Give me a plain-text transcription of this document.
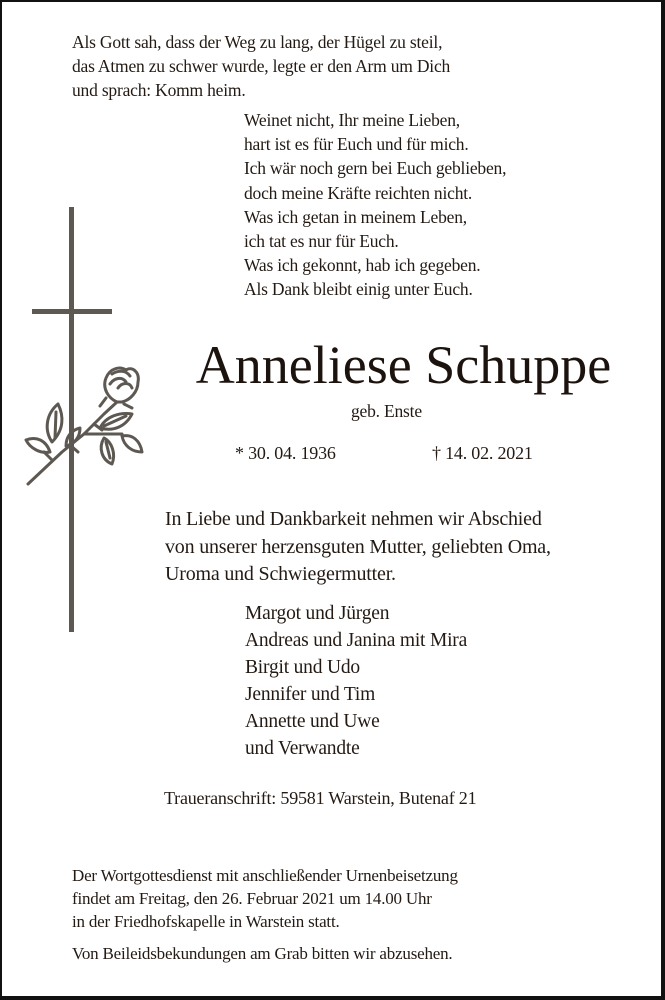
Als Gott sah, dass der Weg zu lang, der Hügel zu steil,
das Atmen zu schwer wurde, legte er den Arm um Dich
und sprach: Komm heim.
Weinet nicht, Ihr meine Lieben,
hart ist es für Euch und für mich.
Ich wär noch gern bei Euch geblieben,
doch meine Kräfte reichten nicht.
Was ich getan in meinem Leben,
ich tat es nur für Euch.
Was ich gekonnt, hab ich gegeben.
Als Dank bleibt einig unter Euch.
Anneliese Schuppe
geb. Enste
* 30. 04. 1936	† 14. 02. 2021
In Liebe und Dankbarkeit nehmen wir Abschied
von unserer herzensguten Mutter, geliebten Oma,
Uroma und Schwiegermutter.
Margot und Jürgen
Andreas und Janina mit Mira
Birgit und Udo
Jennifer und Tim
Annette und Uwe
und Verwandte
Traueranschrift: 59581 Warstein, Butenaf 21
Der Wortgottesdienst mit anschließender Urnenbeisetzung
findet am Freitag, den 26. Februar 2021 um 14.00 Uhr
in der Friedhofskapelle in Warstein statt.
Von Beileidsbekundungen am Grab bitten wir abzusehen.
